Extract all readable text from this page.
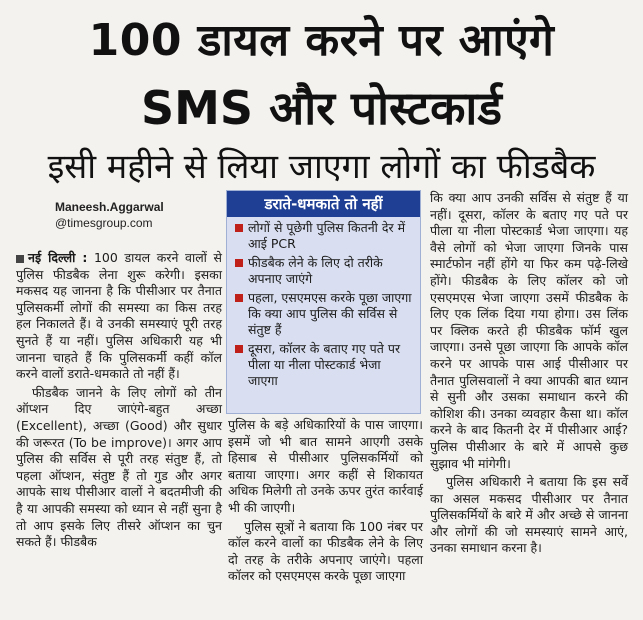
100 डायल करने पर आएंगे
SMS और पोस्टकार्ड
इसी महीने से लिया जाएगा लोगों का फीडबैक
Maneesh.Aggarwal
@timesgroup.com

नई दिल्ली : 100 डायल करने वालों से पुलिस फीडबैक लेना शुरू करेगी। इसका मकसद यह जानना है कि पीसीआर पर तैनात पुलिसकर्मी लोगों की समस्या का किस तरह हल निकालते हैं। वे उनकी समस्याएं पूरी तरह सुनते हैं या नहीं। पुलिस अधिकारी यह भी जानना चाहते हैं कि पुलिसकर्मी कहीं कॉल करने वालों डराते-धमकाते तो नहीं हैं।

फीडबैक जानने के लिए लोगों को तीन ऑप्शन दिए जाएंगे-बहुत अच्छा (Excellent), अच्छा (Good) और सुधार की जरूरत (To be improve)। अगर आप पुलिस की सर्विस से पूरी तरह संतुष्ट हैं, तो पहला ऑप्शन, संतुष्ट हैं तो गुड और अगर आपके साथ पीसीआर वालों ने बदतमीजी की है या आपकी समस्या को ध्यान से नहीं सुना है तो आप इसके लिए तीसरे ऑप्शन का चुन सकते हैं। फीडबैक

डराते-धमकाते तो नहीं
लोगों से पूछेगी पुलिस कितनी देर में आई PCR
फीडबैक लेने के लिए दो तरीके अपनाए जाएंगे
पहला, एसएमएस करके पूछा जाएगा कि क्या आप पुलिस की सर्विस से संतुष्ट हैं
दूसरा, कॉलर के बताए गए पते पर पीला या नीला पोस्टकार्ड भेजा जाएगा

पुलिस के बड़े अधिकारियों के पास जाएगा। इसमें जो भी बात सामने आएगी उसके हिसाब से पीसीआर पुलिसकर्मियों को बताया जाएगा। अगर कहीं से शिकायत अधिक मिलेगी तो उनके ऊपर तुरंत कार्रवाई भी की जाएगी।

पुलिस सूत्रों ने बताया कि 100 नंबर पर कॉल करने वालों का फीडबैक लेने के लिए दो तरह के तरीके अपनाए जाएंगे। पहला कॉलर को एसएमएस करके पूछा जाएगा

कि क्या आप उनकी सर्विस से संतुष्ट हैं या नहीं। दूसरा, कॉलर के बताए गए पते पर पीला या नीला पोस्टकार्ड भेजा जाएगा। यह वैसे लोगों को भेजा जाएगा जिनके पास स्मार्टफोन नहीं होंगे या फिर कम पढ़े-लिखे होंगे। फीडबैक के लिए कॉलर को जो एसएमएस भेजा जाएगा उसमें फीडबैक के लिए एक लिंक दिया गया होगा। उस लिंक पर क्लिक करते ही फीडबैक फॉर्म खुल जाएगा। उनसे पूछा जाएगा कि आपके कॉल करने पर आपके पास आई पीसीआर पर तैनात पुलिसवालों ने क्या आपकी बात ध्यान से सुनी और उसका समाधान करने की कोशिश की। उनका व्यवहार कैसा था। कॉल करने के बाद कितनी देर में पीसीआर आई? पुलिस पीसीआर के बारे में आपसे कुछ सुझाव भी मांगेगी।

पुलिस अधिकारी ने बताया कि इस सर्वे का असल मकसद पीसीआर पर तैनात पुलिसकर्मियों के बारे में और अच्छे से जानना और लोगों की जो समस्याएं सामने आएं, उनका समाधान करना है।
